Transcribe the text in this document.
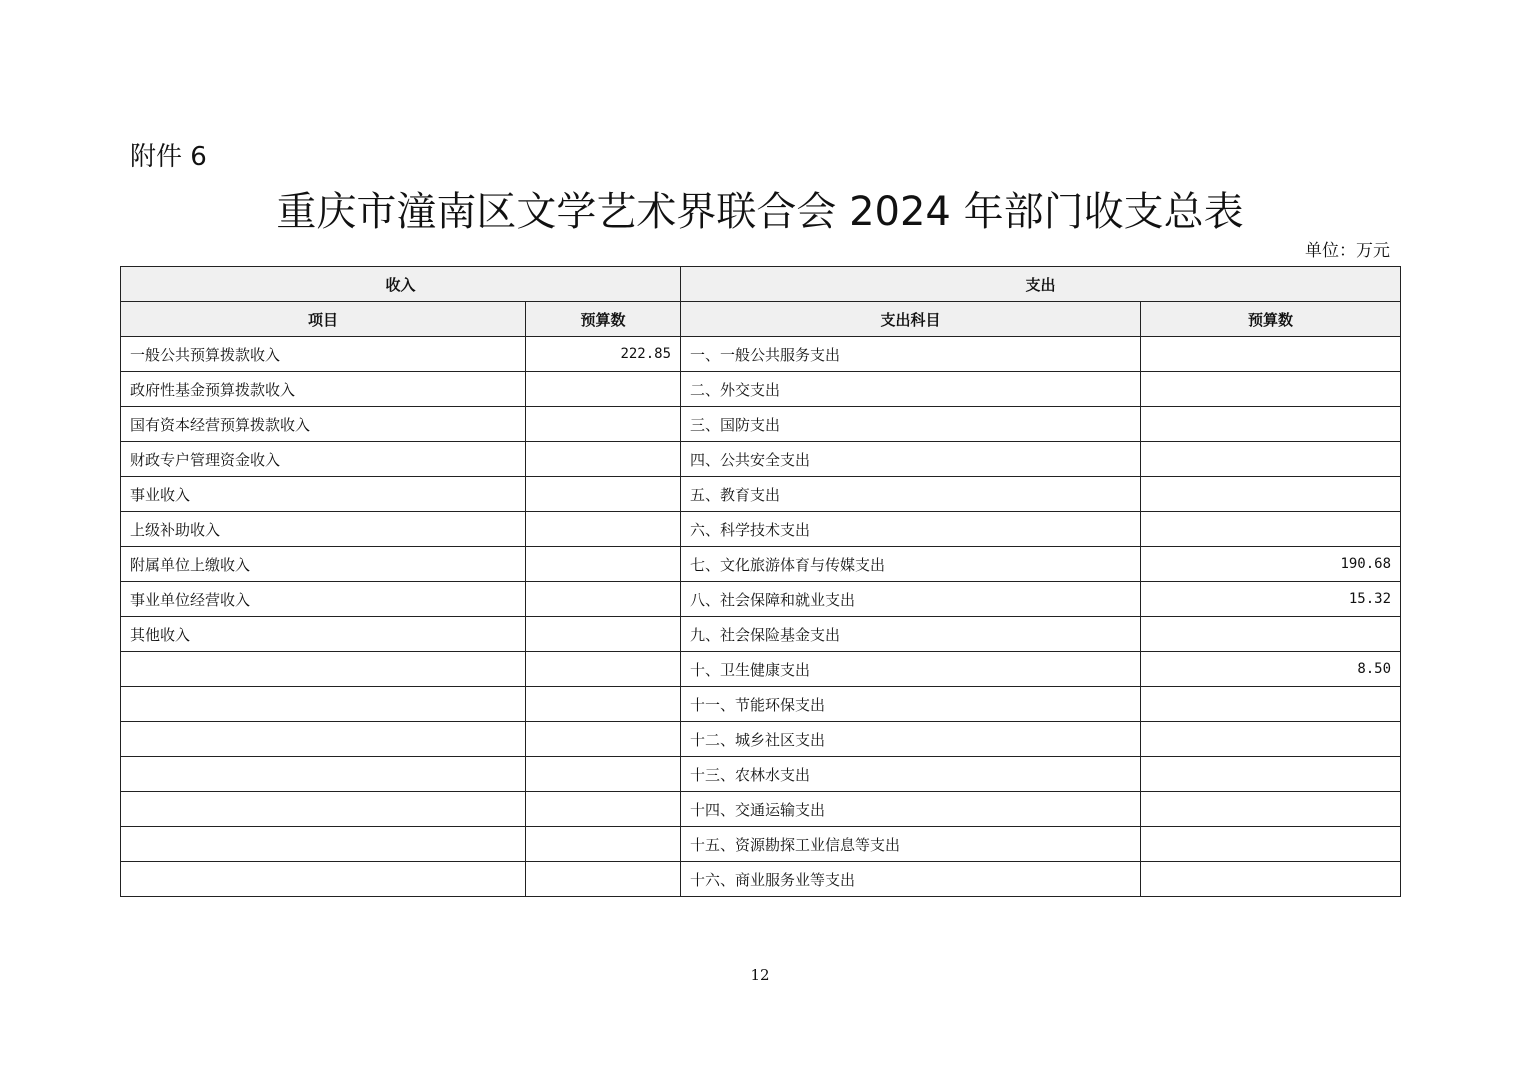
附件 6
重庆市潼南区文学艺术界联合会 2024 年部门收支总表
单位：万元
收入		支出	
项目	预算数	支出科目	预算数
一般公共预算拨款收入	222.85	一、一般公共服务支出	
政府性基金预算拨款收入		二、外交支出	
国有资本经营预算拨款收入		三、国防支出	
财政专户管理资金收入		四、公共安全支出	
事业收入		五、教育支出	
上级补助收入		六、科学技术支出	
附属单位上缴收入		七、文化旅游体育与传媒支出	190.68
事业单位经营收入		八、社会保障和就业支出	15.32
其他收入		九、社会保险基金支出	
		十、卫生健康支出	8.50
		十一、节能环保支出	
		十二、城乡社区支出	
		十三、农林水支出	
		十四、交通运输支出	
		十五、资源勘探工业信息等支出	
		十六、商业服务业等支出	
12
